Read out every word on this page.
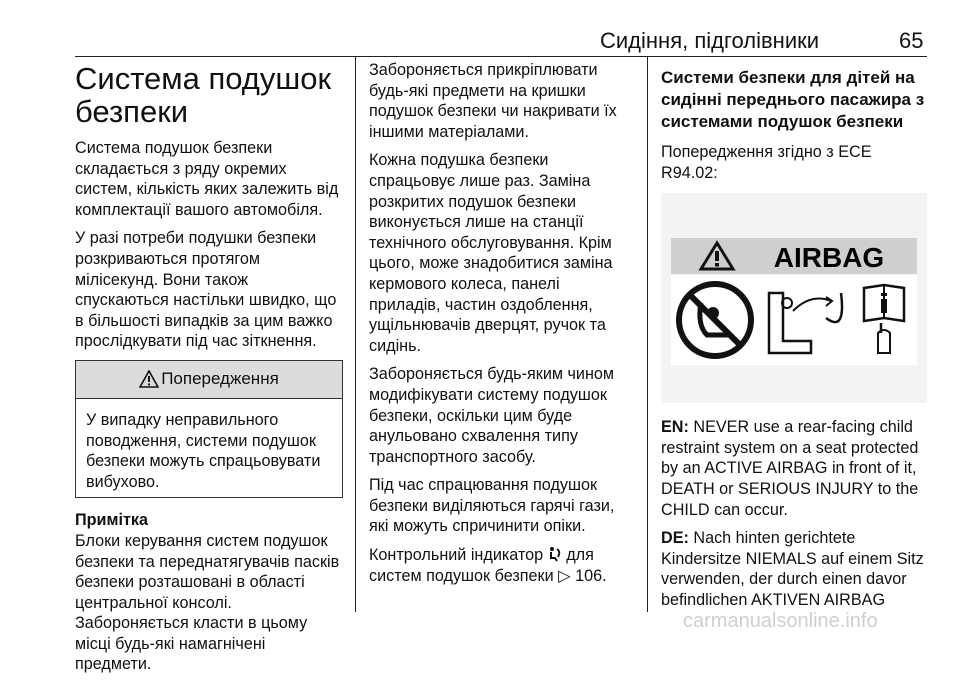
Сидіння, підголівники	65
Система подушок безпеки

Система подушок безпеки складається з ряду окремих систем, кількість яких залежить від комплектації вашого автомобіля.

У разі потреби подушки безпеки розкриваються протягом мілісекунд. Вони також спускаються настільки швидко, що в більшості випадків за цим важко прослідкувати під час зіткнення.

Попередження
У випадку неправильного поводження, системи подушок безпеки можуть спрацьовувати вибухово.
Примітка

Блоки керування систем подушок безпеки та переднатягувачів пасків безпеки розташовані в області центральної консолі. Забороняється класти в цьому місці будь-які намагнічені предмети.

Забороняється прикріплювати будь-які предмети на кришки подушок безпеки чи накривати їх іншими матеріалами.

Кожна подушка безпеки спрацьовує лише раз. Заміна розкритих подушок безпеки виконується лише на станції технічного обслуговування. Крім цього, може знадобитися заміна кермового колеса, панелі приладів, частин оздоблення, ущільнювачів дверцят, ручок та сидінь.

Забороняється будь-яким чином модифікувати систему подушок безпеки, оскільки цим буде анульовано схвалення типу транспортного засобу.

Під час спрацювання подушок безпеки виділяються гарячі гази, які можуть спричинити опіки.

Контрольний індикатор для систем подушок безпеки ▷ 106.

Системи безпеки для дітей на сидінні переднього пасажира з системами подушок безпеки

Попередження згідно з ECE R94.02:

AIRBAG

EN: NEVER use a rear-facing child restraint system on a seat protected by an ACTIVE AIRBAG in front of it, DEATH or SERIOUS INJURY to the CHILD can occur.

DE: Nach hinten gerichtete Kindersitze NIEMALS auf einem Sitz verwenden, der durch einen davor befindlichen AKTIVEN AIRBAG

carmanualsonline.info
